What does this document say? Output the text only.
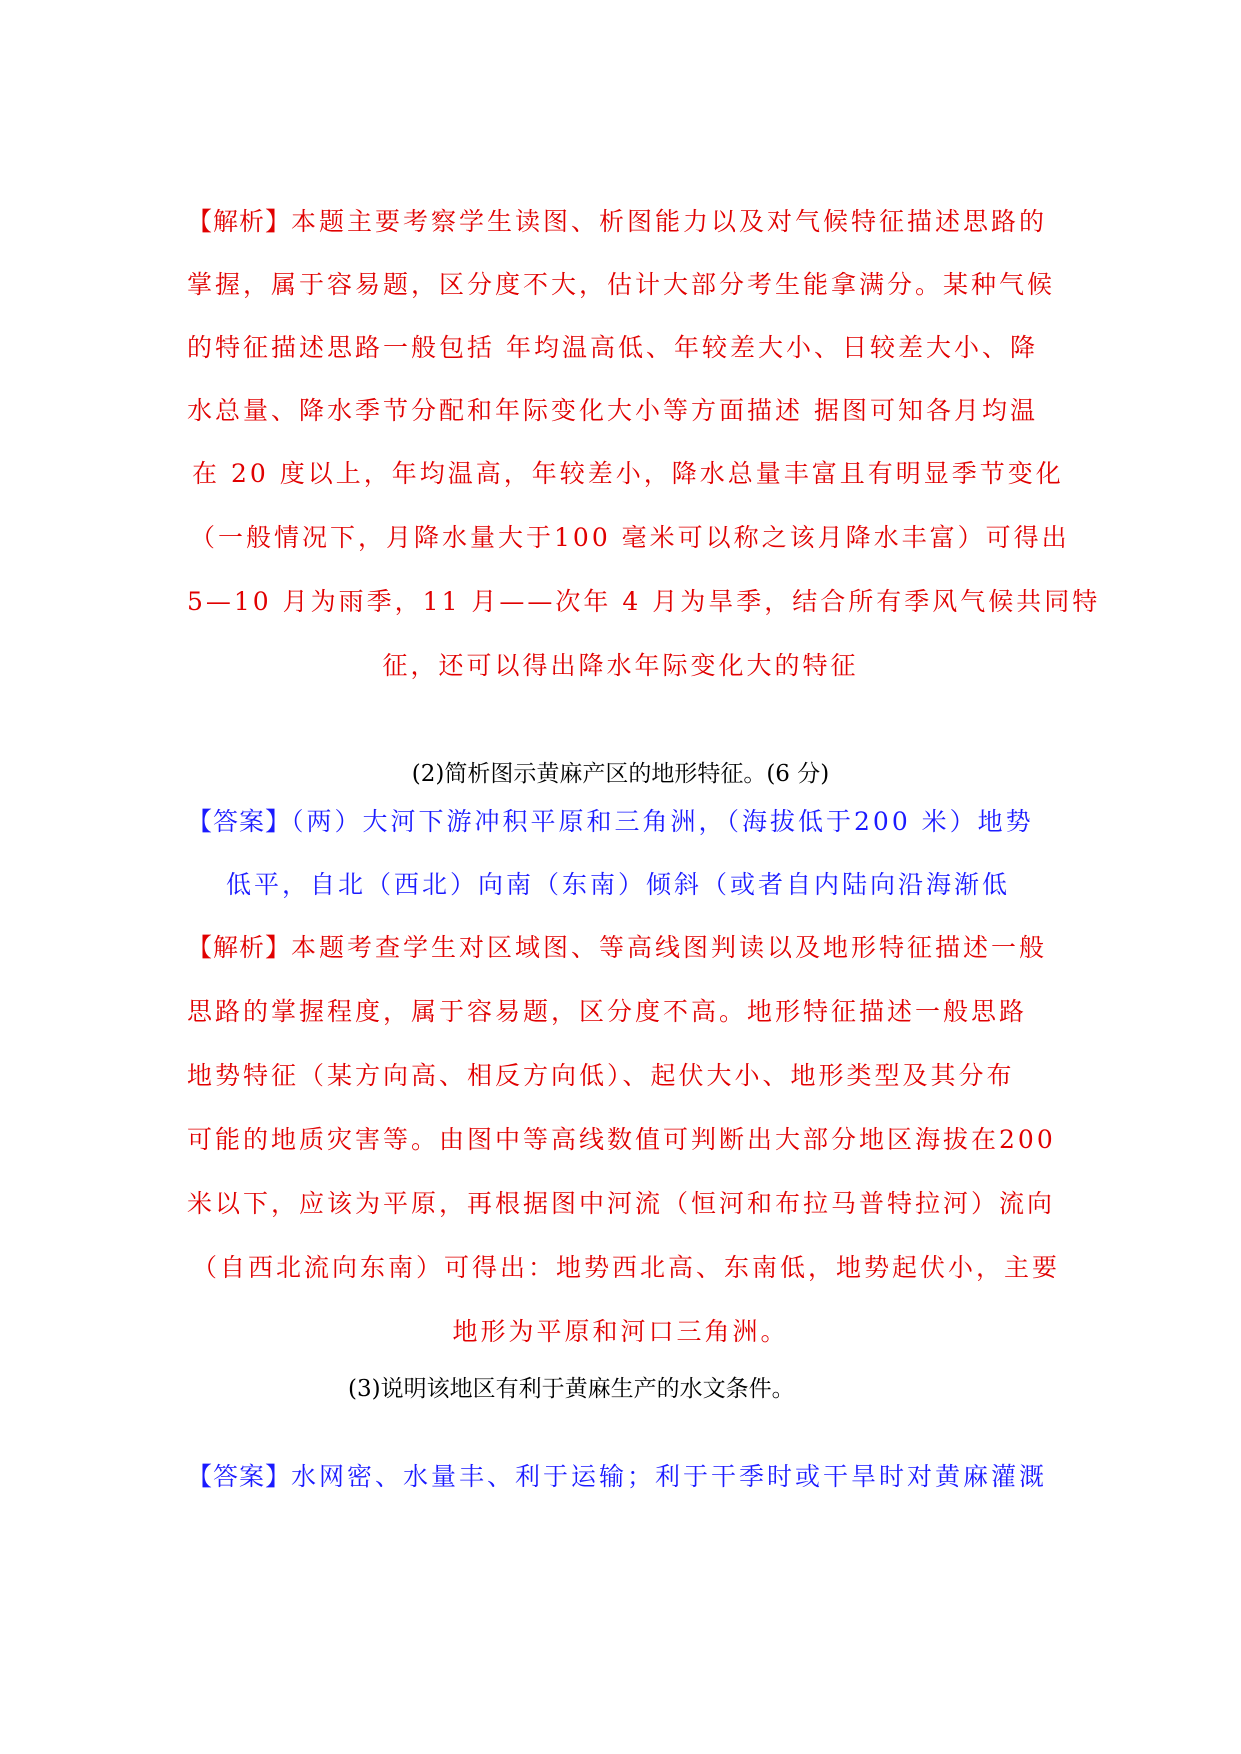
【解析】本题主要考察学生读图、析图能力以及对气候特征描述思路的
掌握，属于容易题，区分度不大，估计大部分考生能拿满分。某种气候
的特征描述思路一般包括 年均温高低、年较差大小、日较差大小、降
水总量、降水季节分配和年际变化大小等方面描述 据图可知各月均温
在 20 度以上，年均温高，年较差小，降水总量丰富且有明显季节变化
（一般情况下，月降水量大于100 毫米可以称之该月降水丰富）可得出
5—10 月为雨季，11 月——次年 4 月为旱季，结合所有季风气候共同特
征，还可以得出降水年际变化大的特征
(2)简析图示黄麻产区的地形特征。(6 分)
【答案】（两）大河下游冲积平原和三角洲，（海拔低于200 米）地势
低平，自北（西北）向南（东南）倾斜（或者自内陆向沿海渐低
【解析】本题考查学生对区域图、等高线图判读以及地形特征描述一般
思路的掌握程度，属于容易题，区分度不高。地形特征描述一般思路
地势特征（某方向高、相反方向低）、起伏大小、地形类型及其分布
可能的地质灾害等。由图中等高线数值可判断出大部分地区海拔在200
米以下，应该为平原，再根据图中河流（恒河和布拉马普特拉河）流向
（自西北流向东南）可得出：地势西北高、东南低，地势起伏小，主要
地形为平原和河口三角洲。
(3)说明该地区有利于黄麻生产的水文条件。
【答案】水网密、水量丰、利于运输；利于干季时或干旱时对黄麻灌溉
